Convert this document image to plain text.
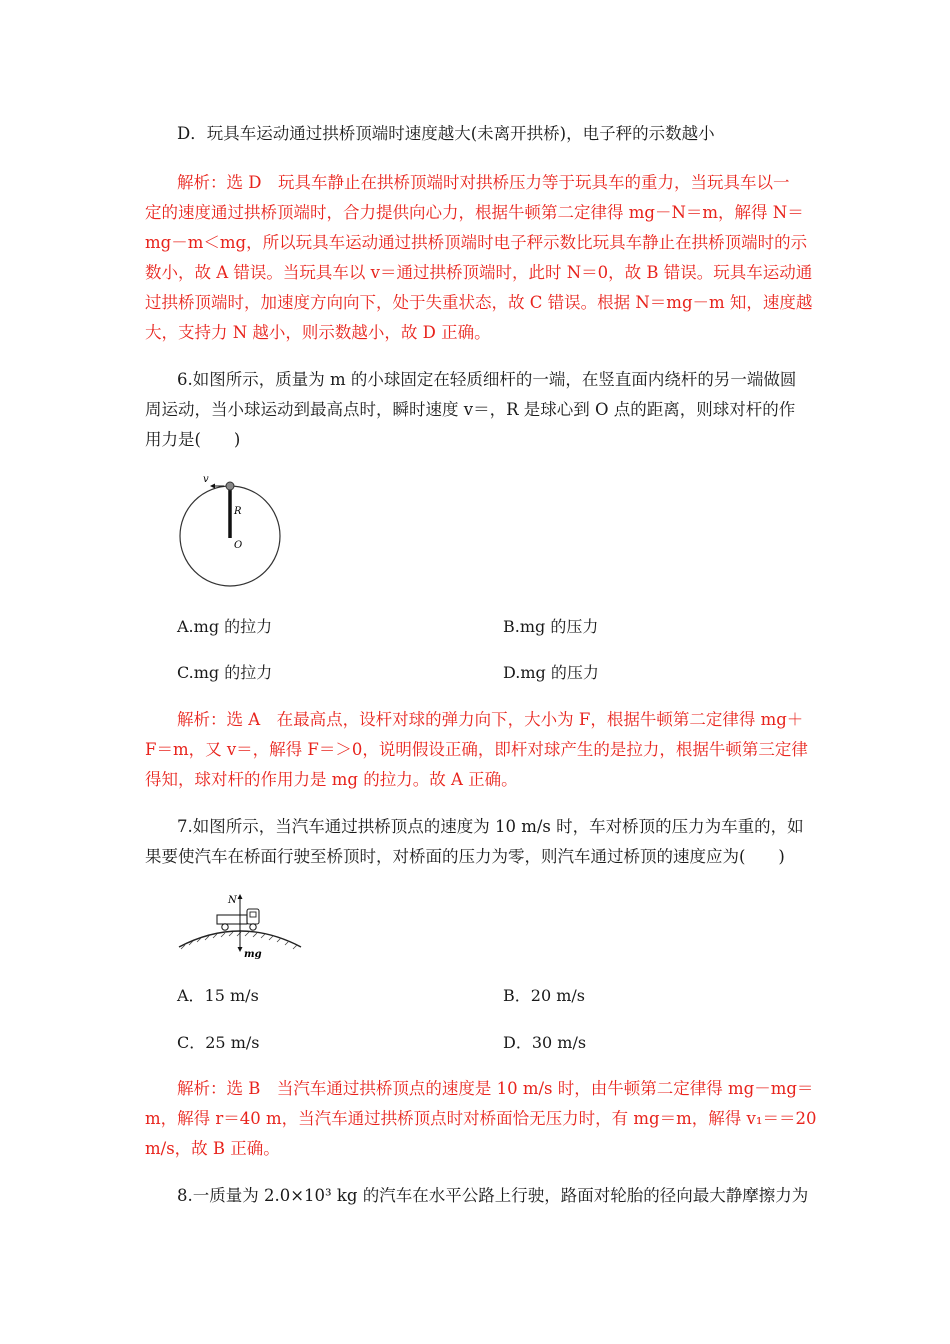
D．玩具车运动通过拱桥顶端时速度越大(未离开拱桥)，电子秤的示数越小
解析：选 D　玩具车静止在拱桥顶端时对拱桥压力等于玩具车的重力，当玩具车以一
定的速度通过拱桥顶端时，合力提供向心力，根据牛顿第二定律得 mg－N＝m，解得 N＝
mg－m＜mg，所以玩具车运动通过拱桥顶端时电子秤示数比玩具车静止在拱桥顶端时的示
数小，故 A 错误。当玩具车以 v＝通过拱桥顶端时，此时 N＝0，故 B 错误。玩具车运动通
过拱桥顶端时，加速度方向向下，处于失重状态，故 C 错误。根据 N＝mg－m 知，速度越
大，支持力 N 越小，则示数越小，故 D 正确。
6.如图所示，质量为 m 的小球固定在轻质细杆的一端，在竖直面内绕杆的另一端做圆
周运动，当小球运动到最高点时，瞬时速度 v＝，R 是球心到 O 点的距离，则球对杆的作
用力是(　　)
v
R
O
A.mg 的拉力	B.mg 的压力
C.mg 的拉力	D.mg 的压力
解析：选 A　在最高点，设杆对球的弹力向下，大小为 F，根据牛顿第二定律得 mg＋
F＝m，又 v＝，解得 F＝＞0，说明假设正确，即杆对球产生的是拉力，根据牛顿第三定律
得知，球对杆的作用力是 mg 的拉力。故 A 正确。
7.如图所示，当汽车通过拱桥顶点的速度为 10 m/s 时，车对桥顶的压力为车重的，如
果要使汽车在桥面行驶至桥顶时，对桥面的压力为零，则汽车通过桥顶的速度应为(　　)
N
mg
A．15 m/s	B．20 m/s
C．25 m/s	D．30 m/s
解析：选 B　当汽车通过拱桥顶点的速度是 10 m/s 时，由牛顿第二定律得 mg－mg＝
m，解得 r＝40 m，当汽车通过拱桥顶点时对桥面恰无压力时，有 mg＝m，解得 v₁＝＝20
m/s，故 B 正确。
8.一质量为 2.0×10³ kg 的汽车在水平公路上行驶，路面对轮胎的径向最大静摩擦力为
